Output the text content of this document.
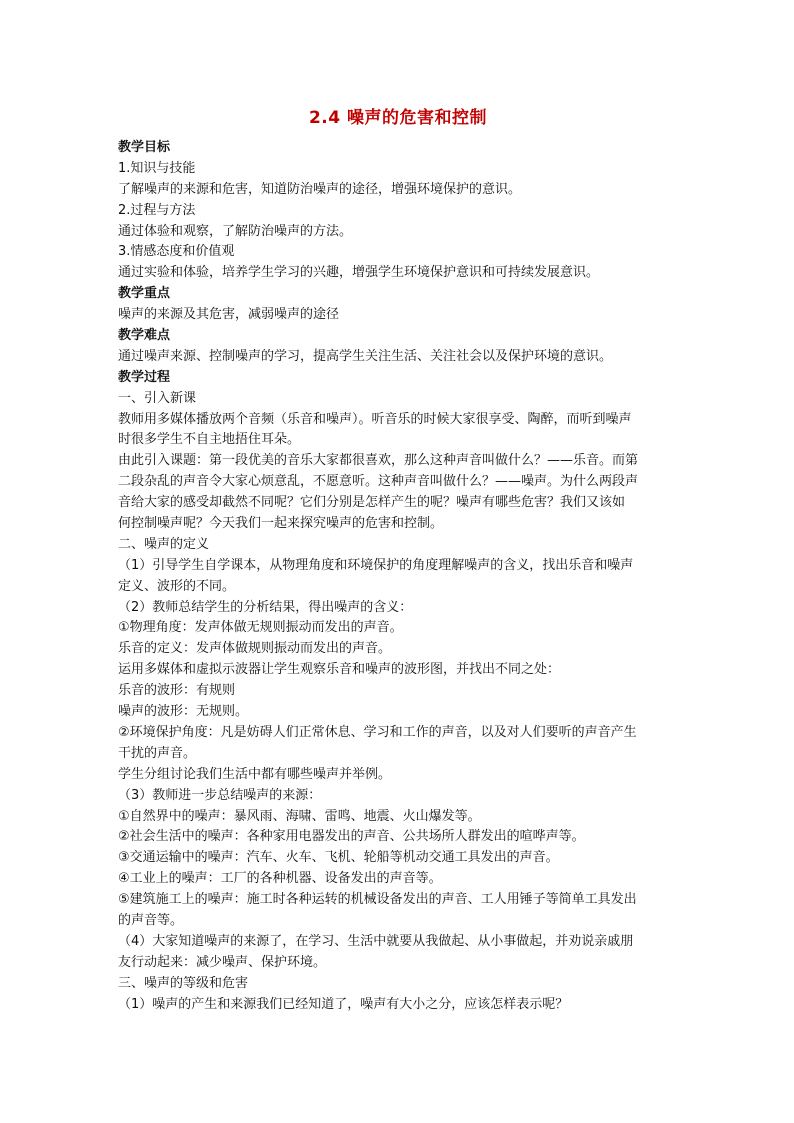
2.4 噪声的危害和控制
教学目标
1.知识与技能
了解噪声的来源和危害，知道防治噪声的途径，增强环境保护的意识。
2.过程与方法
通过体验和观察，了解防治噪声的方法。
3.情感态度和价值观
通过实验和体验，培养学生学习的兴趣，增强学生环境保护意识和可持续发展意识。
教学重点
噪声的来源及其危害，减弱噪声的途径
教学难点
通过噪声来源、控制噪声的学习，提高学生关注生活、关注社会以及保护环境的意识。
教学过程
一、引入新课
教师用多媒体播放两个音频（乐音和噪声）。听音乐的时候大家很享受、陶醉，而听到噪声
时很多学生不自主地捂住耳朵。
由此引入课题：第一段优美的音乐大家都很喜欢，那么这种声音叫做什么？——乐音。而第
二段杂乱的声音令大家心烦意乱，不愿意听。这种声音叫做什么？——噪声。为什么两段声
音给大家的感受却截然不同呢？它们分别是怎样产生的呢？噪声有哪些危害？我们又该如
何控制噪声呢？今天我们一起来探究噪声的危害和控制。
二、噪声的定义
（1）引导学生自学课本，从物理角度和环境保护的角度理解噪声的含义，找出乐音和噪声
定义、波形的不同。
（2）教师总结学生的分析结果，得出噪声的含义：
①物理角度：发声体做无规则振动而发出的声音。
乐音的定义：发声体做规则振动而发出的声音。
运用多媒体和虚拟示波器让学生观察乐音和噪声的波形图，并找出不同之处：
乐音的波形：有规则
噪声的波形：无规则。
②环境保护角度：凡是妨碍人们正常休息、学习和工作的声音，以及对人们要听的声音产生
干扰的声音。
学生分组讨论我们生活中都有哪些噪声并举例。
（3）教师进一步总结噪声的来源：
①自然界中的噪声：暴风雨、海啸、雷鸣、地震、火山爆发等。
②社会生活中的噪声：各种家用电器发出的声音、公共场所人群发出的喧哗声等。
③交通运输中的噪声：汽车、火车、飞机、轮船等机动交通工具发出的声音。
④工业上的噪声：工厂的各种机器、设备发出的声音等。
⑤建筑施工上的噪声：施工时各种运转的机械设备发出的声音、工人用锤子等简单工具发出
的声音等。
（4）大家知道噪声的来源了，在学习、生活中就要从我做起、从小事做起，并劝说亲戚朋
友行动起来：减少噪声、保护环境。
三、噪声的等级和危害
（1）噪声的产生和来源我们已经知道了，噪声有大小之分，应该怎样表示呢？
